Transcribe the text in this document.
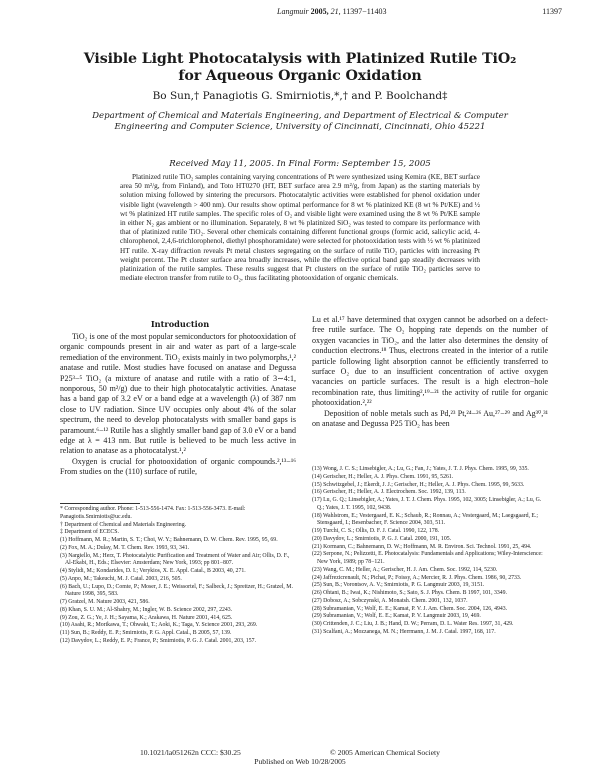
Langmuir 2005, 21, 11397−11403	11397
Visible Light Photocatalysis with Platinized Rutile TiO₂
for Aqueous Organic Oxidation
Bo Sun,† Panagiotis G. Smirniotis,*,† and P. Boolchand‡
Department of Chemical and Materials Engineering, and Department of Electrical & Computer Engineering and Computer Science, University of Cincinnati, Cincinnati, Ohio 45221
Received May 11, 2005. In Final Form: September 15, 2005

Platinized rutile TiO₂ samples containing varying concentrations of Pt were synthesized using Kemira (KE, BET surface area 50 m²/g, from Finland), and Toto HT0270 (HT, BET surface area 2.9 m²/g, from Japan) as the starting materials by solution mixing followed by sintering the precursors. Photocatalytic activities were established for phenol oxidation under visible light (wavelength > 400 nm). Our results show optimal performance for 8 wt % platinized KE (8 wt % Pt/KE) and ½ wt % platinized HT rutile samples. The specific roles of O₂ and visible light were examined using the 8 wt % Pt/KE sample in either N₂ gas ambient or no illumination. Separately, 8 wt % platinized SiO₂ was tested to compare its performance with that of platinized rutile TiO₂. Several other chemicals containing different functional groups (formic acid, salicylic acid, 4-chlorophenol, 2,4,6-trichlorophenol, diethyl phosphoramidate) were selected for photooxidation tests with ½ wt % platinized HT rutile. X-ray diffraction reveals Pt metal clusters segregating on the surface of rutile TiO₂ particles with increasing Pt weight percent. The Pt cluster surface area broadly increases, while the effective optical band gap steadily decreases with platinization of the rutile samples. These results suggest that Pt clusters on the surface of rutile TiO₂ particles serve to mediate electron transfer from rutile to O₂, thus facilitating photooxidation of organic chemicals.

Introduction

TiO₂ is one of the most popular semiconductors for photooxidation of organic compounds present in air and water as part of a large-scale remediation of the environment. TiO₂ exists mainly in two polymorphs,¹,² anatase and rutile. Most studies have focused on anatase and Degussa P25³−⁵ TiO₂ (a mixture of anatase and rutile with a ratio of 3∼4:1, nonporous, 50 m²/g) due to their high photocatalytic activities. Anatase has a band gap of 3.2 eV or a band edge at a wavelength (λ) of 387 nm close to UV radiation. Since UV occupies only about 4% of the solar spectrum, the need to develop photocatalysts with smaller band gaps is paramount.⁶−¹² Rutile has a slightly smaller band gap of 3.0 eV or a band edge at λ = 413 nm. But rutile is believed to be much less active in relation to anatase as a photocatalyst.¹,²

Oxygen is crucial for photooxidation of organic compounds.²,¹³−¹⁶ From studies on the (110) surface of rutile,

Lu et al.¹⁷ have determined that oxygen cannot be adsorbed on a defect-free rutile surface. The O₂ hopping rate depends on the number of oxygen vacancies in TiO₂, and the latter also determines the density of conduction electrons.¹⁸ Thus, electrons created in the interior of a rutile particle following light absorption cannot be efficiently transferred to surface O₂ due to an insufficient concentration of active oxygen vacancies on particle surfaces. The result is a high electron−hole recombination rate, thus limiting²,¹⁹−²¹ the activity of rutile for organic photooxidation.²,²²

Deposition of noble metals such as Pd,²³ Pt,²⁴−²⁶ Au,²⁷−²⁹ and Ag³⁰,³¹ on anatase and Degussa P25 TiO₂ has been

* Corresponding author. Phone: 1-513-556-1474. Fax: 1-513-556-3473. E-mail: Panagiotis.Smirniotis@uc.edu.
† Department of Chemical and Materials Engineering.
‡ Department of ECECS.
(1) Hoffmann, M. R.; Martin, S. T.; Choi, W. Y.; Bahnemann, D. W. Chem. Rev. 1995, 95, 69.
(2) Fox, M. A.; Dulay, M. T. Chem. Rev. 1993, 93, 341.
(3) Nargiello, M.; Herz, T. Photocatalytic Purification and Treatment of Water and Air; Ollis, D. F., Al-Ekabi, H., Eds.; Elsevier: Amsterdam; New York, 1993; pp 801−807.
(4) Stylidi, M.; Kondarides, D. I.; Verykios, X. E. Appl. Catal., B 2003, 40, 271.
(5) Anpo, M.; Takeuchi, M. J. Catal. 2003, 216, 505.
(6) Bach, U.; Lupo, D.; Comte, P.; Moser, J. E.; Weissortel, F.; Salbeck, J.; Spreitzer, H.; Gratzel, M. Nature 1998, 395, 583.
(7) Gratzel, M. Nature 2003, 421, 586.
(8) Khan, S. U. M.; Al-Shahry, M.; Ingler, W. B. Science 2002, 297, 2243.
(9) Zou, Z. G.; Ye, J. H.; Sayama, K.; Arakawa, H. Nature 2001, 414, 625.
(10) Asahi, R.; Morikawa, T.; Ohwaki, T.; Aoki, K.; Taga, Y. Science 2001, 293, 269.
(11) Sun, B.; Reddy, E. P.; Smirniotis, P. G. Appl. Catal., B 2005, 57, 139.
(12) Davydov, L.; Reddy, E. P.; France, P.; Smirniotis, P. G. J. Catal. 2001, 203, 157.
(13) Wong, J. C. S.; Linsebigler, A.; Lu, G.; Fan, J.; Yates, J. T. J. Phys. Chem. 1995, 99, 335.
(14) Gerischer, H.; Heller, A. J. Phys. Chem. 1991, 95, 5261.
(15) Schwitzgebel, J.; Ekerdt, J. J.; Gerischer, H.; Heller, A. J. Phys. Chem. 1995, 99, 5633.
(16) Gerischer, H.; Heller, A. J. Electrochem. Soc. 1992, 139, 113.
(17) Lu, G. Q.; Linsebigler, A.; Yates, J. T. J. Chem. Phys. 1995, 102, 3005; Linsebigler, A.; Lu, G. Q.; Yates, J. T. 1995, 102, 9438.
(18) Wahlstrom, E.; Vestergaard, E. K.; Schaub, R.; Ronnau, A.; Vestergaard, M.; Laegsgaard, E.; Stensgaard, I.; Besenbacher, F. Science 2004, 303, 511.
(19) Turchi, C. S.; Ollis, D. F. J. Catal. 1990, 122, 178.
(20) Davydov, L.; Smirniotis, P. G. J. Catal. 2000, 191, 105.
(21) Kormann, C.; Bahnemann, D. W.; Hoffmann, M. R. Environ. Sci. Technol. 1991, 25, 494.
(22) Serpone, N.; Pelizzetti, E. Photocatalysis: Fundamentals and Applications; Wiley-Interscience: New York, 1989; pp 78−121.
(23) Wang, C. M.; Heller, A.; Gerischer, H. J. Am. Chem. Soc. 1992, 114, 5230.
(24) Jaffrezicrenault, N.; Pichat, P.; Foissy, A.; Mercier, R. J. Phys. Chem. 1986, 90, 2733.
(25) Sun, B.; Vorontsov, A. V.; Smirniotis, P. G. Langmuir 2003, 19, 3151.
(26) Ohtani, B.; Iwai, K.; Nishimoto, S.; Sato, S. J. Phys. Chem. B 1997, 101, 3349.
(27) Dobosz, A.; Sobczynski, A. Monatsh. Chem. 2001, 132, 1037.
(28) Subramanian, V.; Wolf, E. E.; Kamat, P. V. J. Am. Chem. Soc. 2004, 126, 4943.
(29) Subramanian, V.; Wolf, E. E.; Kamat, P. V. Langmuir 2003, 19, 469.
(30) Crittenden, J. C.; Liu, J. B.; Hand, D. W.; Perram, D. L. Water Res. 1997, 31, 429.
(31) Scalfani, A.; Mozzanega, M. N.; Herrmann, J. M. J. Catal. 1997, 168, 117.
10.1021/la051262n CCC: $30.25	© 2005 American Chemical Society
Published on Web 10/28/2005
